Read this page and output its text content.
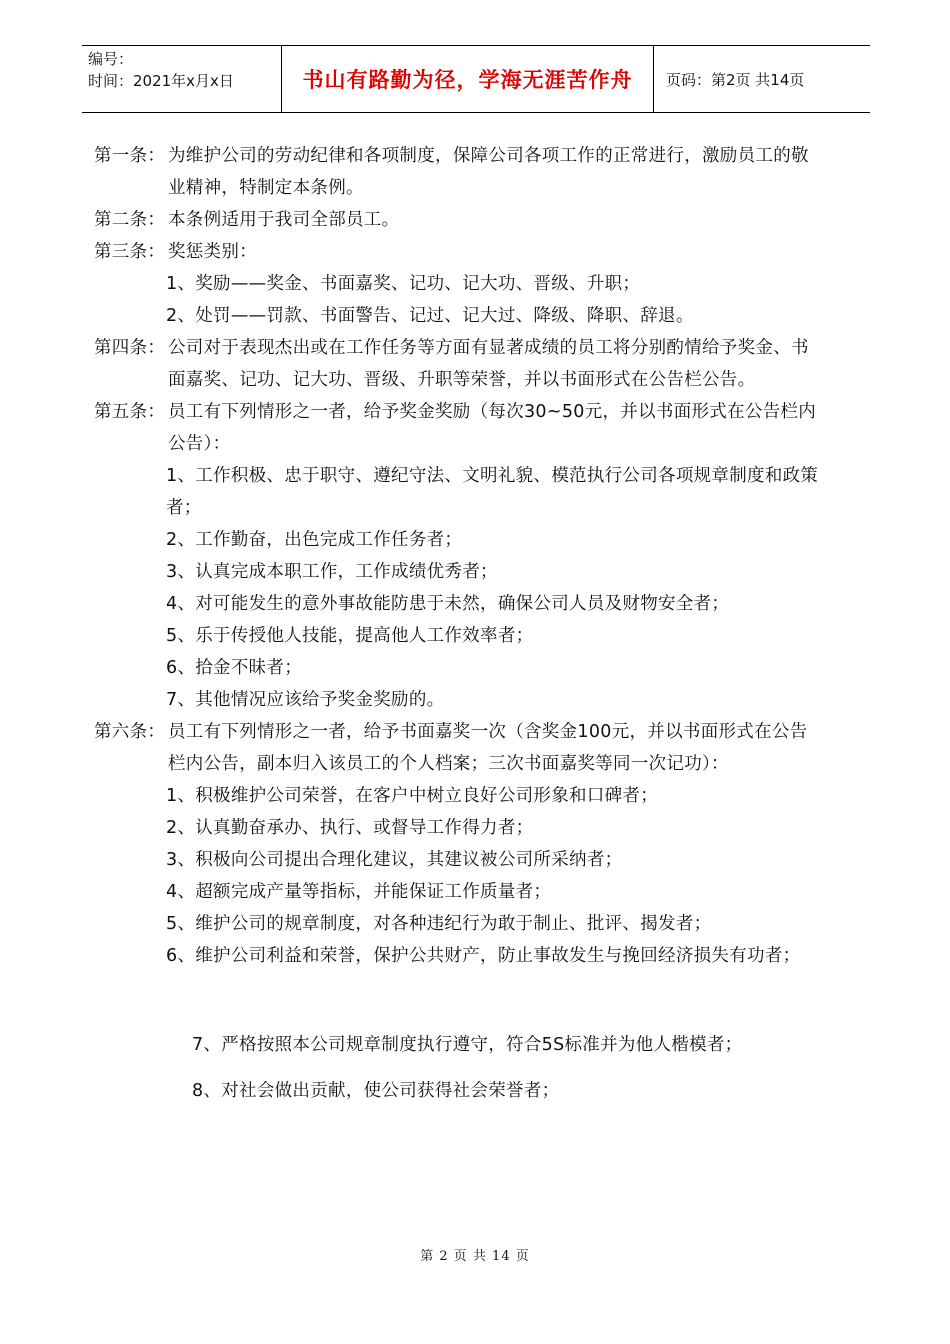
编号：
时间：2021年x月x日	书山有路勤为径，学海无涯苦作舟 页码：第2页 共14页
第一条： 为维护公司的劳动纪律和各项制度，保障公司各项工作的正常进行，激励员工的敬业精神，特制定本条例。
第二条： 本条例适用于我司全部员工。
第三条： 奖惩类别：
1、奖励——奖金、书面嘉奖、记功、记大功、晋级、升职；
2、处罚——罚款、书面警告、记过、记大过、降级、降职、辞退。
第四条： 公司对于表现杰出或在工作任务等方面有显著成绩的员工将分别酌情给予奖金、书面嘉奖、记功、记大功、晋级、升职等荣誉，并以书面形式在公告栏公告。
第五条： 员工有下列情形之一者，给予奖金奖励（每次30~50元，并以书面形式在公告栏内公告）：
1、工作积极、忠于职守、遵纪守法、文明礼貌、模范执行公司各项规章制度和政策者；
2、工作勤奋，出色完成工作任务者；
3、认真完成本职工作，工作成绩优秀者；
4、对可能发生的意外事故能防患于未然，确保公司人员及财物安全者；
5、乐于传授他人技能，提高他人工作效率者；
6、拾金不昧者；
7、其他情况应该给予奖金奖励的。
第六条： 员工有下列情形之一者，给予书面嘉奖一次（含奖金100元，并以书面形式在公告栏内公告，副本归入该员工的个人档案；三次书面嘉奖等同一次记功）：
1、积极维护公司荣誉，在客户中树立良好公司形象和口碑者；
2、认真勤奋承办、执行、或督导工作得力者；
3、积极向公司提出合理化建议，其建议被公司所采纳者；
4、超额完成产量等指标，并能保证工作质量者；
5、维护公司的规章制度，对各种违纪行为敢于制止、批评、揭发者；
6、 维护公司利益和荣誉，保护公共财产，防止事故发生与挽回经济损失有功者；
7、严格按照本公司规章制度执行遵守，符合5S标准并为他人楷模者；
8、对社会做出贡献，使公司获得社会荣誉者；
第 2 页 共 14 页
